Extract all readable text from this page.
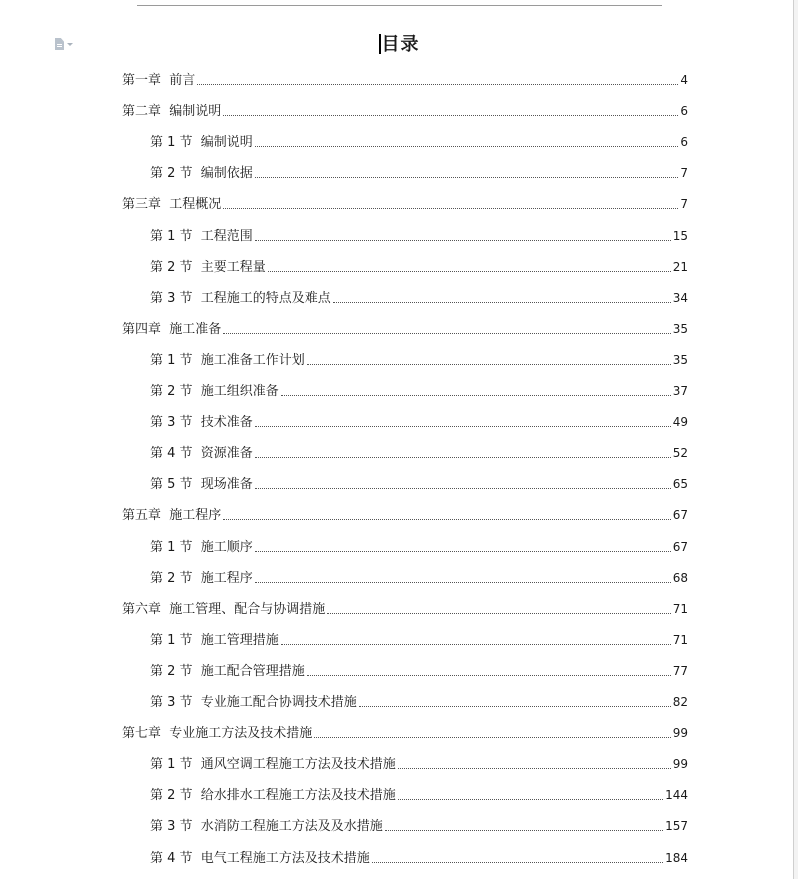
目录
第一章  前言	4
第二章  编制说明	6
第 1 节  编制说明	6
第 2 节  编制依据	7
第三章  工程概况	7
第 1 节  工程范围	15
第 2 节  主要工程量	21
第 3 节  工程施工的特点及难点	34
第四章  施工准备	35
第 1 节  施工准备工作计划	35
第 2 节  施工组织准备	37
第 3 节  技术准备	49
第 4 节  资源准备	52
第 5 节  现场准备	65
第五章  施工程序	67
第 1 节  施工顺序	67
第 2 节  施工程序	68
第六章  施工管理、配合与协调措施	71
第 1 节  施工管理措施	71
第 2 节  施工配合管理措施	77
第 3 节  专业施工配合协调技术措施	82
第七章  专业施工方法及技术措施	99
第 1 节  通风空调工程施工方法及技术措施	99
第 2 节  给水排水工程施工方法及技术措施	144
第 3 节  水消防工程施工方法及及水措施	157
第 4 节  电气工程施工方法及技术措施	184
